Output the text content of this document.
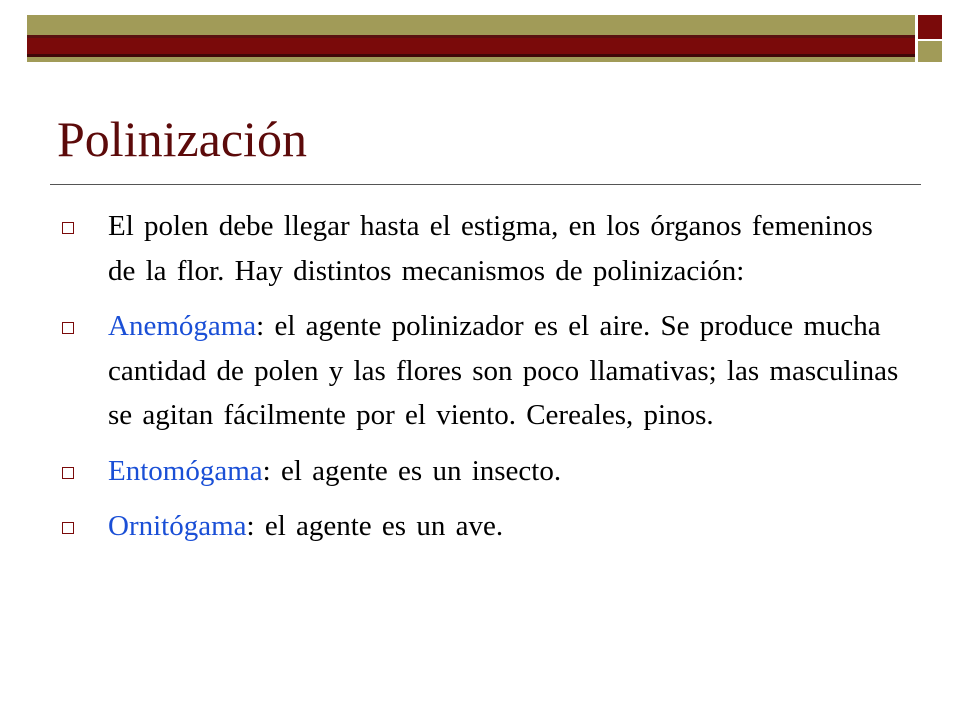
Polinización
El polen debe llegar hasta el estigma, en los órganos femeninos de la flor. Hay distintos mecanismos de polinización:
Anemógama: el agente polinizador es el aire. Se produce mucha cantidad de polen y las flores son poco llamativas; las masculinas se agitan fácilmente por el viento. Cereales, pinos.
Entomógama: el agente es un insecto.
Ornitógama: el agente es un ave.
